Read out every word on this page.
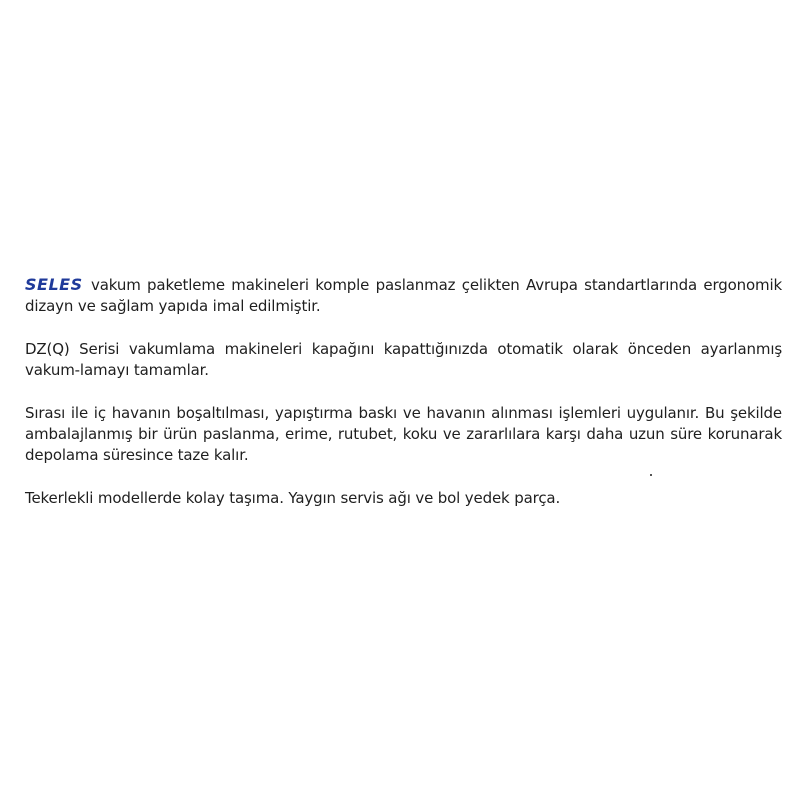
SELES vakum paketleme makineleri komple paslanmaz çelikten Avrupa standartlarında ergonomik dizayn ve sağlam yapıda imal edilmiştir.

DZ(Q) Serisi vakumlama makineleri kapağını kapattığınızda otomatik olarak önceden ayarlanmış vakum-lamayı tamamlar.

Sırası ile iç havanın boşaltılması, yapıştırma baskı ve havanın alınması işlemleri uygulanır. Bu şekilde ambalajlanmış bir ürün paslanma, erime, rutubet, koku ve zararlılara karşı daha uzun süre korunarak depolama süresince taze kalır.

Tekerlekli modellerde kolay taşıma. Yaygın servis ağı ve bol yedek parça.
